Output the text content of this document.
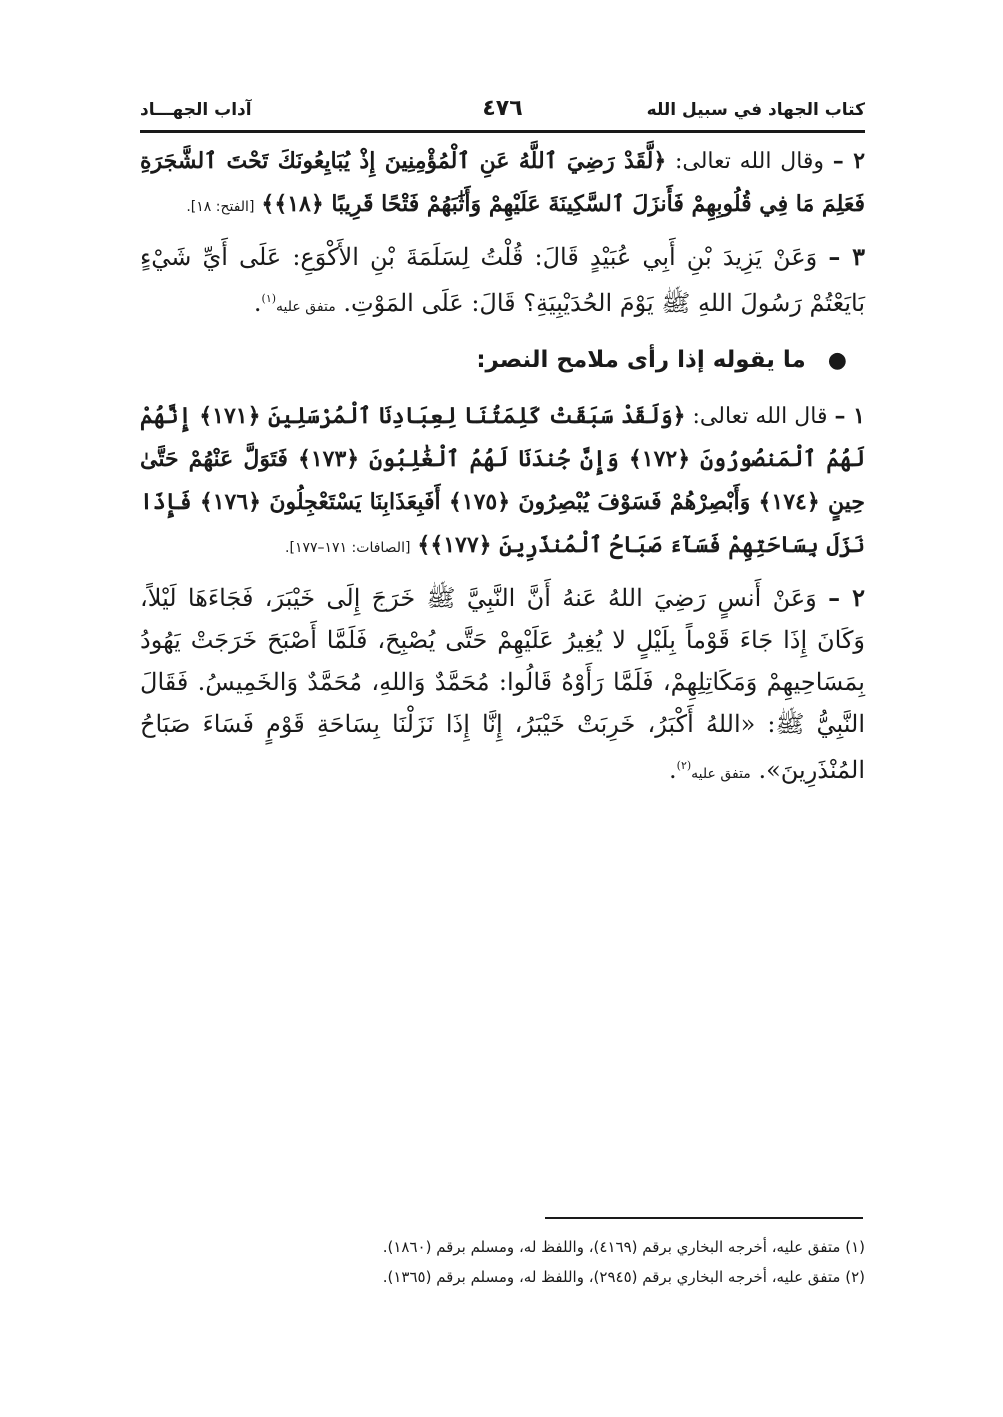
كتاب الجهاد في سبيل الله
٤٧٦
آداب الجهـــاد

٢ – وقال الله تعالى: ﴿لَّقَدْ رَضِيَ ٱللَّهُ عَنِ ٱلْمُؤْمِنِينَ إِذْ يُبَايِعُونَكَ تَحْتَ ٱلشَّجَرَةِ فَعَلِمَ مَا فِي قُلُوبِهِمْ فَأَنزَلَ ٱلسَّكِينَةَ عَلَيْهِمْ وَأَثَٰبَهُمْ فَتْحًا قَرِيبًا ﴿١٨﴾﴾ [الفتح: ١٨].

٣ – وَعَنْ يَزِيدَ بْنِ أَبِي عُبَيْدٍ قَالَ: قُلْتُ لِسَلَمَةَ بْنِ الأَكْوَعِ: عَلَى أَيِّ شَيْءٍ بَايَعْتُمْ رَسُولَ اللهِ ﷺ يَوْمَ الحُدَيْبِيَةِ؟ قَالَ: عَلَى المَوْتِ. متفق عليه$^{(١)}$.

●ما يقوله إذا رأى ملامح النصر:

١ – قال الله تعالى: ﴿وَلَقَدْ سَبَقَتْ كَلِمَتُنَا لِعِبَادِنَا ٱلْمُرْسَلِينَ ﴿١٧١﴾ إِنَّهُمْ لَهُمُ ٱلْمَنصُورُونَ ﴿١٧٢﴾ وَإِنَّ جُندَنَا لَهُمُ ٱلْغَٰلِبُونَ ﴿١٧٣﴾ فَتَوَلَّ عَنْهُمْ حَتَّىٰ حِينٍ ﴿١٧٤﴾ وَأَبْصِرْهُمْ فَسَوْفَ يُبْصِرُونَ ﴿١٧٥﴾ أَفَبِعَذَابِنَا يَسْتَعْجِلُونَ ﴿١٧٦﴾ فَإِذَا نَزَلَ بِسَاحَتِهِمْ فَسَآءَ صَبَاحُ ٱلْمُنذَرِينَ ﴿١٧٧﴾﴾ [الصافات: ١٧١–١٧٧].

٢ – وَعَنْ أَنسٍ رَضِيَ اللهُ عَنهُ أَنَّ النَّبِيَّ ﷺ خَرَجَ إِلَى خَيْبَرَ، فَجَاءَهَا لَيْلاً، وَكَانَ إِذَا جَاءَ قَوْماً بِلَيْلٍ لا يُغِيرُ عَلَيْهِمْ حَتَّى يُصْبِحَ، فَلَمَّا أَصْبَحَ خَرَجَتْ يَهُودُ بِمَسَاحِيهِمْ وَمَكَاتِلِهِمْ، فَلَمَّا رَأَوْهُ قَالُوا: مُحَمَّدٌ وَاللهِ، مُحَمَّدٌ وَالخَمِيسُ. فَقَالَ النَّبِيُّ ﷺ: «اللهُ أَكْبَرُ، خَرِبَتْ خَيْبَرُ، إِنَّا إِذَا نَزَلْنَا بِسَاحَةِ قَوْمٍ فَسَاءَ صَبَاحُ المُنْذَرِينَ». متفق عليه$^{(٢)}$.

(١) متفق عليه، أخرجه البخاري برقم (٤١٦٩)، واللفظ له، ومسلم برقم (١٨٦٠).

(٢) متفق عليه، أخرجه البخاري برقم (٢٩٤٥)، واللفظ له، ومسلم برقم (١٣٦٥).
